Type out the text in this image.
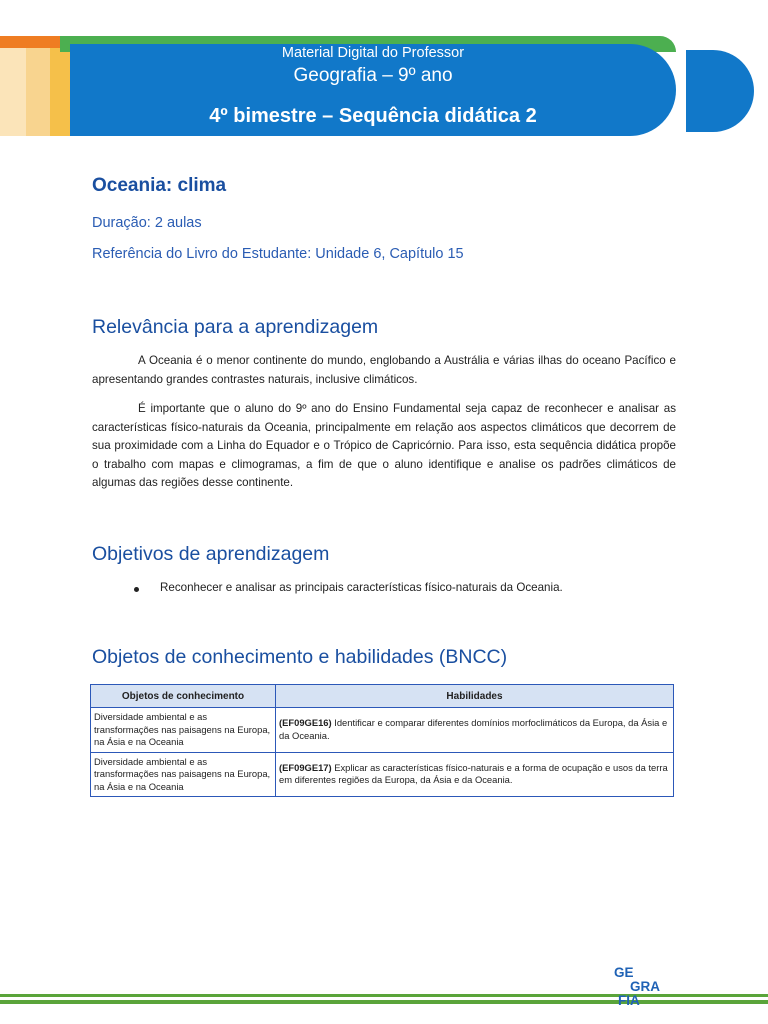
Material Digital do Professor
Geografia – 9º ano
4º bimestre – Sequência didática 2
Oceania: clima
Duração: 2 aulas
Referência do Livro do Estudante: Unidade 6, Capítulo 15
Relevância para a aprendizagem

A Oceania é o menor continente do mundo, englobando a Austrália e várias ilhas do oceano Pacífico e apresentando grandes contrastes naturais, inclusive climáticos.

É importante que o aluno do 9º ano do Ensino Fundamental seja capaz de reconhecer e analisar as características físico-naturais da Oceania, principalmente em relação aos aspectos climáticos que decorrem de sua proximidade com a Linha do Equador e o Trópico de Capricórnio. Para isso, esta sequência didática propõe o trabalho com mapas e climogramas, a fim de que o aluno identifique e analise os padrões climáticos de algumas das regiões desse continente.

Objetivos de aprendizagem
Reconhecer e analisar as principais características físico-naturais da Oceania.
Objetos de conhecimento e habilidades (BNCC)
Objetos de conhecimento	Habilidades
Diversidade ambiental e as transformações nas paisagens na Europa, na Ásia e na Oceania	(EF09GE16) Identificar e comparar diferentes domínios morfoclimáticos da Europa, da Ásia e da Oceania.
Diversidade ambiental e as transformações nas paisagens na Europa, na Ásia e na Oceania	(EF09GE17) Explicar as características físico-naturais e a forma de ocupação e usos da terra em diferentes regiões da Europa, da Ásia e da Oceania.
GE
GRA
FIA
